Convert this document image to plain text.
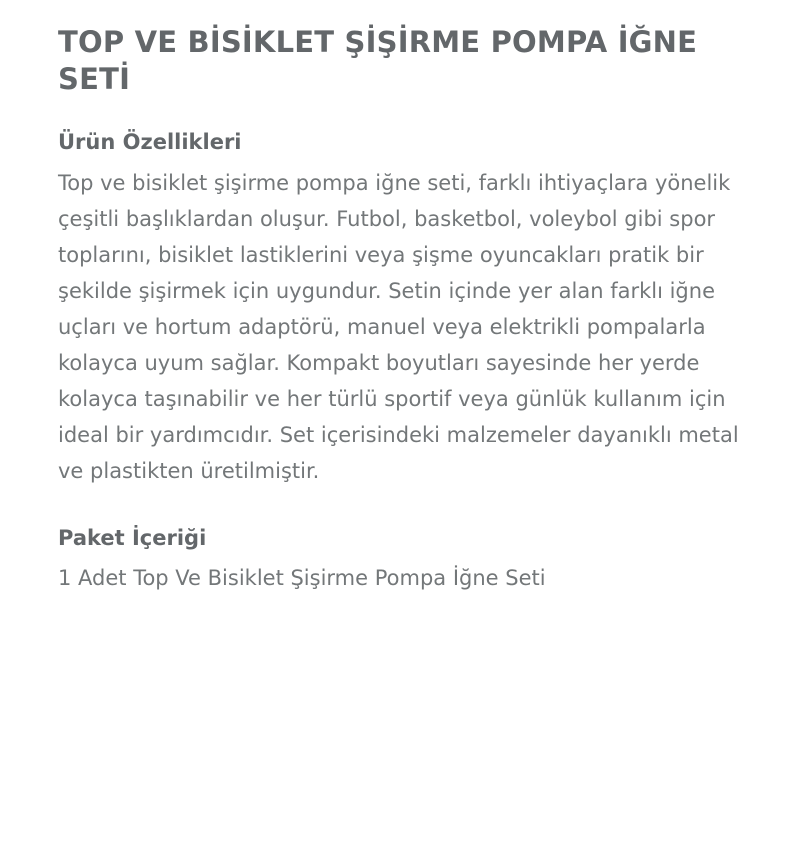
TOP VE BİSİKLET ŞİŞİRME POMPA İĞNE SETİ
Ürün Özellikleri

Top ve bisiklet şişirme pompa iğne seti, farklı ihtiyaçlara yönelik çeşitli başlıklardan oluşur. Futbol, basketbol, voleybol gibi spor toplarını, bisiklet lastiklerini veya şişme oyuncakları pratik bir şekilde şişirmek için uygundur. Setin içinde yer alan farklı iğne uçları ve hortum adaptörü, manuel veya elektrikli pompalarla kolayca uyum sağlar. Kompakt boyutları sayesinde her yerde kolayca taşınabilir ve her türlü sportif veya günlük kullanım için ideal bir yardımcıdır. Set içerisindeki malzemeler dayanıklı metal ve plastikten üretilmiştir.

Paket İçeriği

1 Adet Top Ve Bisiklet Şişirme Pompa İğne Seti
